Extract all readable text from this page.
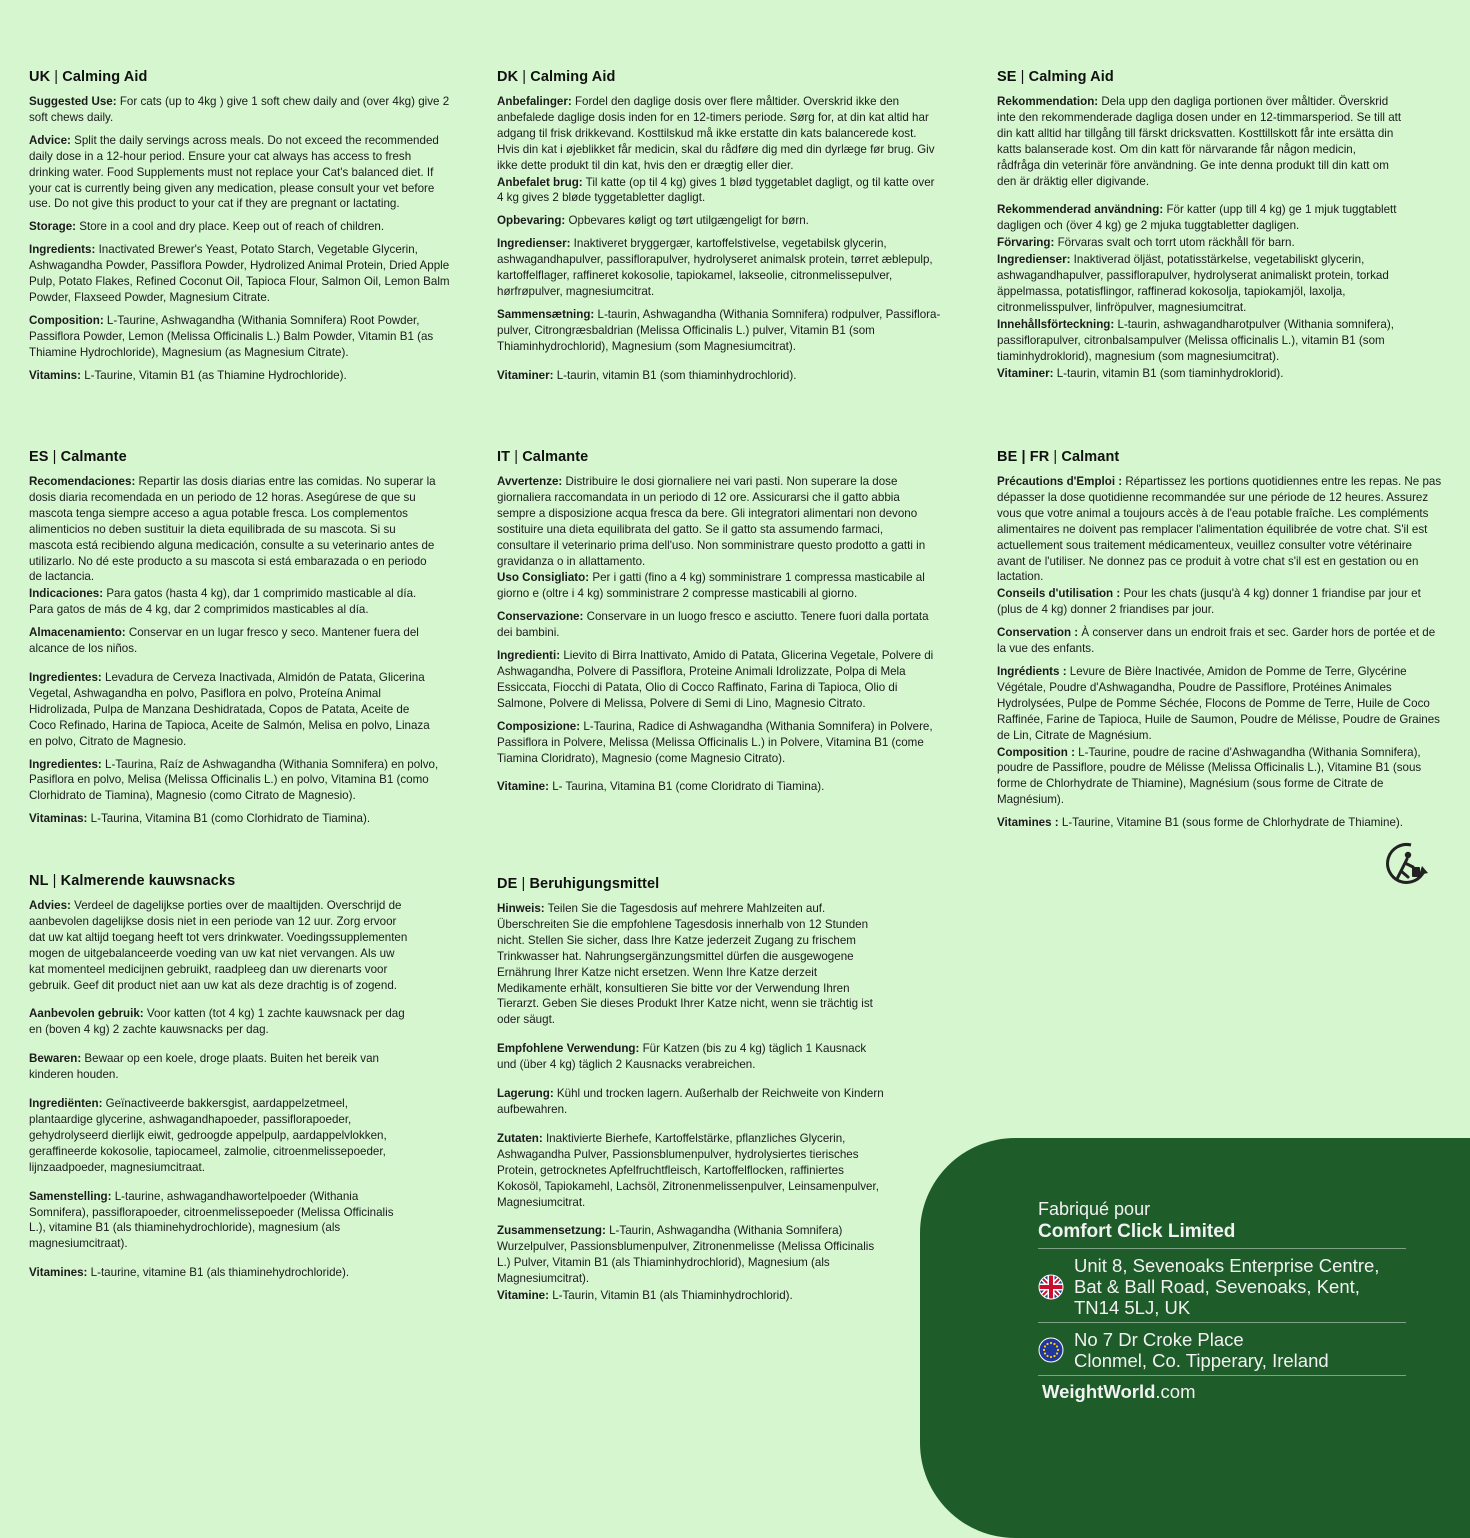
UK | Calming Aid

Suggested Use: For cats (up to 4kg ) give 1 soft chew daily and (over 4kg) give 2 soft chews daily.

Advice: Split the daily servings across meals. Do not exceed the recommended daily dose in a 12-hour period. Ensure your cat always has access to fresh drinking water. Food Supplements must not replace your Cat's balanced diet. If your cat is currently being given any medication, please consult your vet before use. Do not give this product to your cat if they are pregnant or lactating.

Storage: Store in a cool and dry place. Keep out of reach of children.

Ingredients: Inactivated Brewer's Yeast, Potato Starch, Vegetable Glycerin, Ashwagandha Powder, Passiflora Powder, Hydrolized Animal Protein, Dried Apple Pulp, Potato Flakes, Refined Coconut Oil, Tapioca Flour, Salmon Oil, Lemon Balm Powder, Flaxseed Powder, Magnesium Citrate.

Composition: L-Taurine, Ashwagandha (Withania Somnifera) Root Powder, Passiflora Powder, Lemon (Melissa Officinalis L.) Balm Powder, Vitamin B1 (as Thiamine Hydrochloride), Magnesium (as Magnesium Citrate).

Vitamins: L-Taurine, Vitamin B1 (as Thiamine Hydrochloride).

DK | Calming Aid

Anbefalinger: Fordel den daglige dosis over flere måltider. Overskrid ikke den anbefalede daglige dosis inden for en 12-timers periode. Sørg for, at din kat altid har adgang til frisk drikkevand. Kosttilskud må ikke erstatte din kats balancerede kost. Hvis din kat i øjeblikket får medicin, skal du rådføre dig med din dyrlæge før brug. Giv ikke dette produkt til din kat, hvis den er drægtig eller dier.

Anbefalet brug: Til katte (op til 4 kg) gives 1 blød tyggetablet dagligt, og til katte over 4 kg gives 2 bløde tyggetabletter dagligt.

Opbevaring: Opbevares køligt og tørt utilgængeligt for børn.

Ingredienser: Inaktiveret bryggergær, kartoffelstivelse, vegetabilsk glycerin, ashwagandhapulver, passiflorapulver, hydrolyseret animalsk protein, tørret æblepulp, kartoffelflager, raffineret kokosolie, tapiokamel, lakseolie, citronmelissepulver, hørfrøpulver, magnesiumcitrat.

Sammensætning: L-taurin, Ashwagandha (Withania Somnifera) rodpulver, Passiflora-pulver, Citrongræsbaldrian (Melissa Officinalis L.) pulver, Vitamin B1 (som Thiaminhydrochlorid), Magnesium (som Magnesiumcitrat).

Vitaminer: L-taurin, vitamin B1 (som thiaminhydrochlorid).

SE | Calming Aid

Rekommendation: Dela upp den dagliga portionen över måltider. Överskrid inte den rekommenderade dagliga dosen under en 12-timmarsperiod. Se till att din katt alltid har tillgång till färskt dricksvatten. Kosttillskott får inte ersätta din katts balanserade kost. Om din katt för närvarande får någon medicin, rådfråga din veterinär före användning. Ge inte denna produkt till din katt om den är dräktig eller digivande.

Rekommenderad användning: För katter (upp till 4 kg) ge 1 mjuk tuggtablett dagligen och (över 4 kg) ge 2 mjuka tuggtabletter dagligen.

Förvaring: Förvaras svalt och torrt utom räckhåll för barn.

Ingredienser: Inaktiverad öljäst, potatisstärkelse, vegetabiliskt glycerin, ashwagandhapulver, passiflorapulver, hydrolyserat animaliskt protein, torkad äppelmassa, potatisflingor, raffinerad kokosolja, tapiokamjöl, laxolja, citronmelisspulver, linfröpulver, magnesiumcitrat.

Innehållsförteckning: L-taurin, ashwagandharotpulver (Withania somnifera), passiflorapulver, citronbalsampulver (Melissa officinalis L.), vitamin B1 (som tiaminhydroklorid), magnesium (som magnesiumcitrat).

Vitaminer: L-taurin, vitamin B1 (som tiaminhydroklorid).

ES | Calmante

Recomendaciones: Repartir las dosis diarias entre las comidas. No superar la dosis diaria recomendada en un periodo de 12 horas. Asegúrese de que su mascota tenga siempre acceso a agua potable fresca. Los complementos alimenticios no deben sustituir la dieta equilibrada de su mascota. Si su mascota está recibiendo alguna medicación, consulte a su veterinario antes de utilizarlo. No dé este producto a su mascota si está embarazada o en periodo de lactancia.

Indicaciones: Para gatos (hasta 4 kg), dar 1 comprimido masticable al día. Para gatos de más de 4 kg, dar 2 comprimidos masticables al día.

Almacenamiento: Conservar en un lugar fresco y seco. Mantener fuera del alcance de los niños.

Ingredientes: Levadura de Cerveza Inactivada, Almidón de Patata, Glicerina Vegetal, Ashwagandha en polvo, Pasiflora en polvo, Proteína Animal Hidrolizada, Pulpa de Manzana Deshidratada, Copos de Patata, Aceite de Coco Refinado, Harina de Tapioca, Aceite de Salmón, Melisa en polvo, Linaza en polvo, Citrato de Magnesio.

Ingredientes: L-Taurina, Raíz de Ashwagandha (Withania Somnifera) en polvo, Pasiflora en polvo, Melisa (Melissa Officinalis L.) en polvo, Vitamina B1 (como Clorhidrato de Tiamina), Magnesio (como Citrato de Magnesio).

Vitaminas: L-Taurina, Vitamina B1 (como Clorhidrato de Tiamina).

IT | Calmante

Avvertenze: Distribuire le dosi giornaliere nei vari pasti. Non superare la dose giornaliera raccomandata in un periodo di 12 ore. Assicurarsi che il gatto abbia sempre a disposizione acqua fresca da bere. Gli integratori alimentari non devono sostituire una dieta equilibrata del gatto. Se il gatto sta assumendo farmaci, consultare il veterinario prima dell'uso. Non somministrare questo prodotto a gatti in gravidanza o in allattamento.

Uso Consigliato: Per i gatti (fino a 4 kg) somministrare 1 compressa masticabile al giorno e (oltre i 4 kg) somministrare 2 compresse masticabili al giorno.

Conservazione: Conservare in un luogo fresco e asciutto. Tenere fuori dalla portata dei bambini.

Ingredienti: Lievito di Birra Inattivato, Amido di Patata, Glicerina Vegetale, Polvere di Ashwagandha, Polvere di Passiflora, Proteine Animali Idrolizzate, Polpa di Mela Essiccata, Fiocchi di Patata, Olio di Cocco Raffinato, Farina di Tapioca, Olio di Salmone, Polvere di Melissa, Polvere di Semi di Lino, Magnesio Citrato.

Composizione: L-Taurina, Radice di Ashwagandha (Withania Somnifera) in Polvere, Passiflora in Polvere, Melissa (Melissa Officinalis L.) in Polvere, Vitamina B1 (come Tiamina Cloridrato), Magnesio (come Magnesio Citrato).

Vitamine: L- Taurina, Vitamina B1 (come Cloridrato di Tiamina).

BE | FR | Calmant

Précautions d'Emploi : Répartissez les portions quotidiennes entre les repas. Ne pas dépasser la dose quotidienne recommandée sur une période de 12 heures. Assurez vous que votre animal a toujours accès à de l'eau potable fraîche. Les compléments alimentaires ne doivent pas remplacer l'alimentation équilibrée de votre chat. S'il est actuellement sous traitement médicamenteux, veuillez consulter votre vétérinaire avant de l'utiliser. Ne donnez pas ce produit à votre chat s'il est en gestation ou en lactation.

Conseils d'utilisation : Pour les chats (jusqu'à 4 kg) donner 1 friandise par jour et (plus de 4 kg) donner 2 friandises par jour.

Conservation : À conserver dans un endroit frais et sec. Garder hors de portée et de la vue des enfants.

Ingrédients : Levure de Bière Inactivée, Amidon de Pomme de Terre, Glycérine Végétale, Poudre d'Ashwagandha, Poudre de Passiflore, Protéines Animales Hydrolysées, Pulpe de Pomme Séchée, Flocons de Pomme de Terre, Huile de Coco Raffinée, Farine de Tapioca, Huile de Saumon, Poudre de Mélisse, Poudre de Graines de Lin, Citrate de Magnésium.

Composition : L-Taurine, poudre de racine d'Ashwagandha (Withania Somnifera), poudre de Passiflore, poudre de Mélisse (Melissa Officinalis L.), Vitamine B1 (sous forme de Chlorhydrate de Thiamine), Magnésium (sous forme de Citrate de Magnésium).

Vitamines : L-Taurine, Vitamine B1 (sous forme de Chlorhydrate de Thiamine).

NL | Kalmerende kauwsnacks

Advies: Verdeel de dagelijkse porties over de maaltijden. Overschrijd de aanbevolen dagelijkse dosis niet in een periode van 12 uur. Zorg ervoor dat uw kat altijd toegang heeft tot vers drinkwater. Voedingssupplementen mogen de uitgebalanceerde voeding van uw kat niet vervangen. Als uw kat momenteel medicijnen gebruikt, raadpleeg dan uw dierenarts voor gebruik. Geef dit product niet aan uw kat als deze drachtig is of zogend.

Aanbevolen gebruik: Voor katten (tot 4 kg) 1 zachte kauwsnack per dag en (boven 4 kg) 2 zachte kauwsnacks per dag.

Bewaren: Bewaar op een koele, droge plaats. Buiten het bereik van kinderen houden.

Ingrediënten: Geïnactiveerde bakkersgist, aardappelzetmeel, plantaardige glycerine, ashwagandhapoeder, passiflorapoeder, gehydrolyseerd dierlijk eiwit, gedroogde appelpulp, aardappelvlokken, geraffineerde kokosolie, tapiocameel, zalmolie, citroenmelissepoeder, lijnzaadpoeder, magnesiumcitraat.

Samenstelling: L-taurine, ashwagandhawortelpoeder (Withania Somnifera), passiflorapoeder, citroenmelissepoeder (Melissa Officinalis L.), vitamine B1 (als thiaminehydrochloride), magnesium (als magnesiumcitraat).

Vitamines: L-taurine, vitamine B1 (als thiaminehydrochloride).

DE | Beruhigungsmittel

Hinweis: Teilen Sie die Tagesdosis auf mehrere Mahlzeiten auf. Überschreiten Sie die empfohlene Tagesdosis innerhalb von 12 Stunden nicht. Stellen Sie sicher, dass Ihre Katze jederzeit Zugang zu frischem Trinkwasser hat. Nahrungsergänzungsmittel dürfen die ausgewogene Ernährung Ihrer Katze nicht ersetzen. Wenn Ihre Katze derzeit Medikamente erhält, konsultieren Sie bitte vor der Verwendung Ihren Tierarzt. Geben Sie dieses Produkt Ihrer Katze nicht, wenn sie trächtig ist oder säugt.

Empfohlene Verwendung: Für Katzen (bis zu 4 kg) täglich 1 Kausnack und (über 4 kg) täglich 2 Kausnacks verabreichen.

Lagerung: Kühl und trocken lagern. Außerhalb der Reichweite von Kindern aufbewahren.

Zutaten: Inaktivierte Bierhefe, Kartoffelstärke, pflanzliches Glycerin, Ashwagandha Pulver, Passionsblumenpulver, hydrolysiertes tierisches Protein, getrocknetes Apfelfruchtfleisch, Kartoffelflocken, raffiniertes Kokosöl, Tapiokamehl, Lachsöl, Zitronenmelissenpulver, Leinsamenpulver, Magnesiumcitrat.

Zusammensetzung: L-Taurin, Ashwagandha (Withania Somnifera) Wurzelpulver, Passionsblumenpulver, Zitronenmelisse (Melissa Officinalis L.) Pulver, Vitamin B1 (als Thiaminhydrochlorid), Magnesium (als Magnesiumcitrat).

Vitamine: L-Taurin, Vitamin B1 (als Thiaminhydrochlorid).

Fabriqué pour

Comfort Click Limited

Unit 8, Sevenoaks Enterprise Centre,
Bat & Ball Road, Sevenoaks, Kent,
TN14 5LJ, UK
No 7 Dr Croke Place
Clonmel, Co. Tipperary, Ireland
WeightWorld.com
